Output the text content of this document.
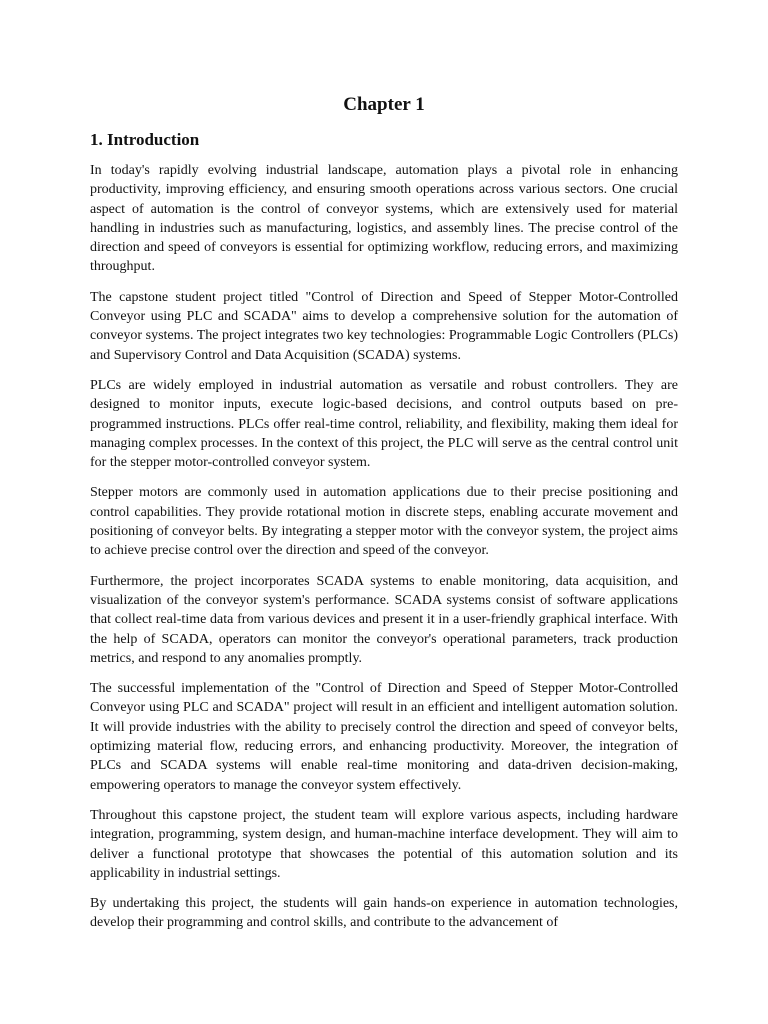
Chapter 1
1. Introduction

In today's rapidly evolving industrial landscape, automation plays a pivotal role in enhancing productivity, improving efficiency, and ensuring smooth operations across various sectors. One crucial aspect of automation is the control of conveyor systems, which are extensively used for material handling in industries such as manufacturing, logistics, and assembly lines. The precise control of the direction and speed of conveyors is essential for optimizing workflow, reducing errors, and maximizing throughput.

The capstone student project titled "Control of Direction and Speed of Stepper Motor-Controlled Conveyor using PLC and SCADA" aims to develop a comprehensive solution for the automation of conveyor systems. The project integrates two key technologies: Programmable Logic Controllers (PLCs) and Supervisory Control and Data Acquisition (SCADA) systems.

PLCs are widely employed in industrial automation as versatile and robust controllers. They are designed to monitor inputs, execute logic-based decisions, and control outputs based on pre-programmed instructions. PLCs offer real-time control, reliability, and flexibility, making them ideal for managing complex processes. In the context of this project, the PLC will serve as the central control unit for the stepper motor-controlled conveyor system.

Stepper motors are commonly used in automation applications due to their precise positioning and control capabilities. They provide rotational motion in discrete steps, enabling accurate movement and positioning of conveyor belts. By integrating a stepper motor with the conveyor system, the project aims to achieve precise control over the direction and speed of the conveyor.

Furthermore, the project incorporates SCADA systems to enable monitoring, data acquisition, and visualization of the conveyor system's performance. SCADA systems consist of software applications that collect real-time data from various devices and present it in a user-friendly graphical interface. With the help of SCADA, operators can monitor the conveyor's operational parameters, track production metrics, and respond to any anomalies promptly.

The successful implementation of the "Control of Direction and Speed of Stepper Motor-Controlled Conveyor using PLC and SCADA" project will result in an efficient and intelligent automation solution. It will provide industries with the ability to precisely control the direction and speed of conveyor belts, optimizing material flow, reducing errors, and enhancing productivity. Moreover, the integration of PLCs and SCADA systems will enable real-time monitoring and data-driven decision-making, empowering operators to manage the conveyor system effectively.

Throughout this capstone project, the student team will explore various aspects, including hardware integration, programming, system design, and human-machine interface development. They will aim to deliver a functional prototype that showcases the potential of this automation solution and its applicability in industrial settings.

By undertaking this project, the students will gain hands-on experience in automation technologies, develop their programming and control skills, and contribute to the advancement of
